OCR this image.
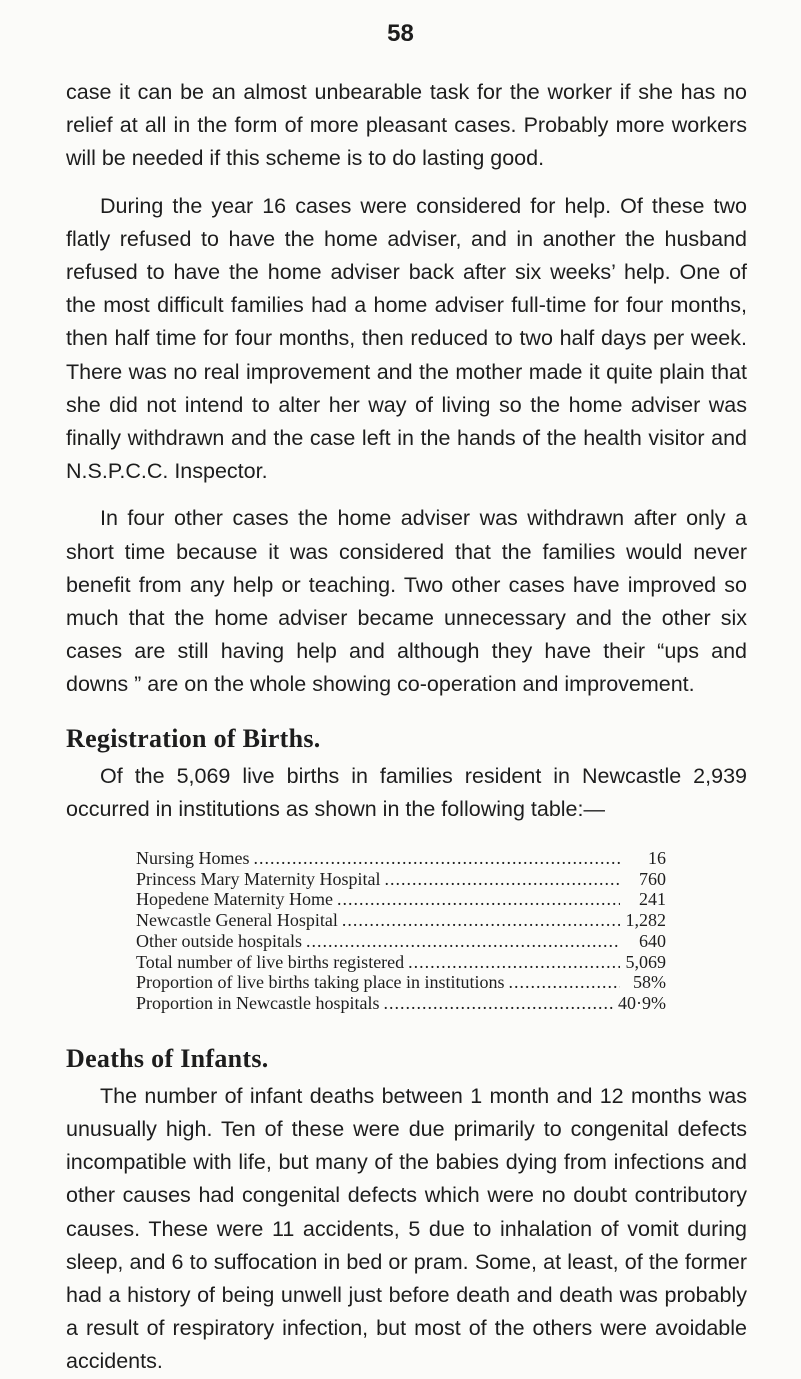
58

case it can be an almost unbearable task for the worker if she has no relief at all in the form of more pleasant cases. Probably more workers will be needed if this scheme is to do lasting good.

During the year 16 cases were considered for help. Of these two flatly refused to have the home adviser, and in another the husband refused to have the home adviser back after six weeks’ help. One of the most difficult families had a home adviser full-time for four months, then half time for four months, then reduced to two half days per week. There was no real improvement and the mother made it quite plain that she did not intend to alter her way of living so the home adviser was finally withdrawn and the case left in the hands of the health visitor and N.S.P.C.C. Inspector.

In four other cases the home adviser was withdrawn after only a short time because it was considered that the families would never benefit from any help or teaching. Two other cases have improved so much that the home adviser became unnecessary and the other six cases are still having help and although they have their “ups and downs ” are on the whole showing co-operation and improvement.

Registration of Births.

Of the 5,069 live births in families resident in Newcastle 2,939 occurred in institutions as shown in the following table:—

Nursing Homes .....	16
Princess Mary Maternity Hospital .....	760
Hopedene Maternity Home .....	241
Newcastle General Hospital .....	1,282
Other outside hospitals .....	640
Total number of live births registered .....	5,069
Proportion of live births taking place in institutions .....	58%
Proportion in Newcastle hospitals .....	40·9%
Deaths of Infants.

The number of infant deaths between 1 month and 12 months was unusually high. Ten of these were due primarily to congenital defects incompatible with life, but many of the babies dying from infections and other causes had congenital defects which were no doubt contributory causes. These were 11 accidents, 5 due to inhalation of vomit during sleep, and 6 to suffocation in bed or pram. Some, at least, of the former had a history of being unwell just before death and death was probably a result of respiratory infection, but most of the others were avoidable accidents.
